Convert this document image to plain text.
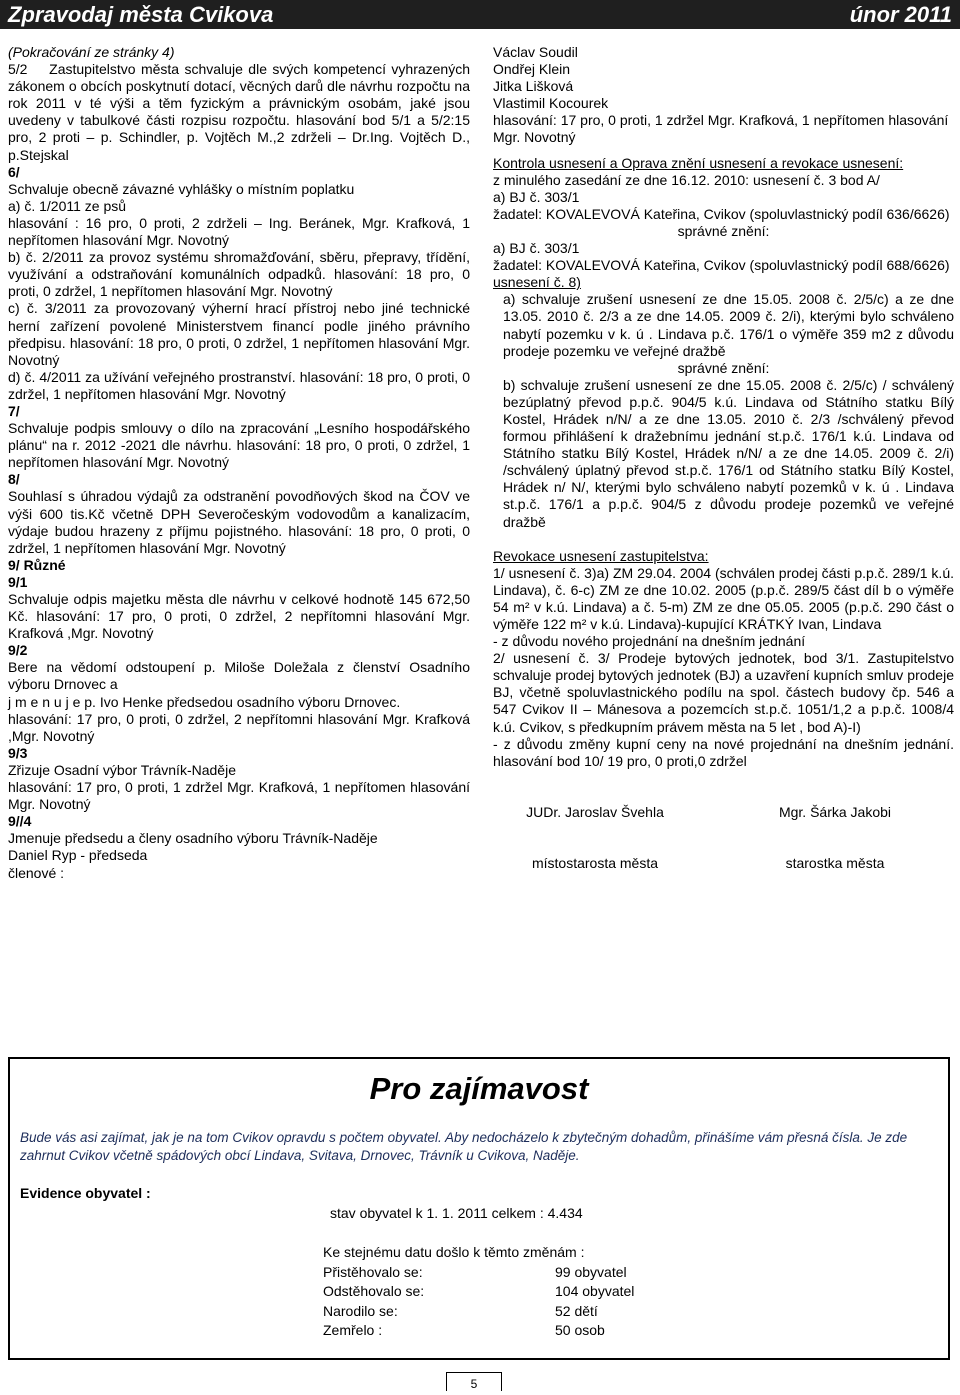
Zpravodaj města Cvikova	únor 2011
(Pokračování ze stránky 4)
5/2    Zastupitelstvo města schvaluje dle svých kompetencí vyhrazených zákonem o obcích poskytnutí dotací, věcných darů dle návrhu rozpočtu na rok 2011 v té výši a těm fyzickým a právnickým osobám, jaké jsou uvedeny v tabulkové části rozpisu rozpočtu. hlasování bod 5/1 a 5/2:15 pro, 2 proti – p. Schindler, p. Vojtěch M.,2 zdrželi – Dr.Ing. Vojtěch D., p.Stejskal
6/
Schvaluje obecně závazné vyhlášky o místním poplatku
a) č. 1/2011 ze psů
hlasování : 16 pro, 0 proti, 2 zdrželi – Ing. Beránek, Mgr. Krafková, 1 nepřítomen hlasování Mgr. Novotný
b) č. 2/2011 za provoz systému shromažďování, sběru, přepravy, třídění, využívání a odstraňování komunálních odpadků. hlasování: 18 pro, 0 proti, 0 zdržel, 1 nepřítomen hlasování Mgr. Novotný
c) č. 3/2011 za provozovaný výherní hrací přístroj nebo jiné technické herní zařízení povolené Ministerstvem financí podle jiného právního předpisu. hlasování: 18 pro, 0 proti, 0 zdržel, 1 nepřítomen hlasování Mgr. Novotný
d) č. 4/2011 za užívání veřejného prostranství. hlasování: 18 pro, 0 proti, 0 zdržel, 1 nepřítomen hlasování Mgr. Novotný
7/
Schvaluje podpis smlouvy o dílo na zpracování „Lesního hospodářského plánu“ na r. 2012 -2021 dle návrhu. hlasování: 18 pro, 0 proti, 0 zdržel, 1 nepřítomen hlasování Mgr. Novotný
8/
Souhlasí s úhradou výdajů za odstranění povodňových škod na ČOV ve výši 600 tis.Kč včetně DPH Severočeským vodovodům a kanalizacím, výdaje budou hrazeny z příjmu pojistného. hlasování: 18 pro, 0 proti, 0 zdržel, 1 nepřítomen hlasování Mgr. Novotný
9/ Různé
9/1
Schvaluje odpis majetku města dle návrhu v celkové hodnotě 145 672,50 Kč. hlasování: 17 pro, 0 proti, 0 zdržel, 2 nepřítomni hlasování Mgr. Krafková ,Mgr. Novotný
9/2
Bere na vědomí odstoupení p. Miloše Doležala z členství Osadního výboru Drnovec a
j m e n u j e p. Ivo Henke předsedou osadního výboru Drnovec.
hlasování: 17 pro, 0 proti, 0 zdržel, 2 nepřítomni hlasování Mgr. Krafková ,Mgr. Novotný
9/3
Zřizuje Osadní výbor Trávník-Naděje
hlasování: 17 pro, 0 proti, 1 zdržel Mgr. Krafková, 1 nepřítomen hlasování Mgr. Novotný
9//4
Jmenuje předsedu a členy osadního výboru Trávník-Naděje
Daniel Ryp - předseda
členové :
Václav Soudil
Ondřej Klein
Jitka Lišková
Vlastimil Kocourek
hlasování: 17 pro, 0 proti, 1 zdržel Mgr. Krafková, 1 nepřítomen hlasování Mgr. Novotný
Kontrola usnesení a Oprava znění usnesení a revokace usnesení:
z minulého zasedání ze dne 16.12. 2010: usnesení č. 3 bod A/
a) BJ č. 303/1
žadatel: KOVALEVOVÁ Kateřina, Cvikov (spoluvlastnický podíl 636/6626)
správné znění:
a) BJ č. 303/1
žadatel: KOVALEVOVÁ Kateřina, Cvikov (spoluvlastnický podíl 688/6626)
usnesení č. 8)
a) schvaluje zrušení usnesení ze dne 15.05. 2008 č. 2/5/c) a ze dne 13.05. 2010 č. 2/3 a ze dne 14.05. 2009 č. 2/i), kterými bylo schváleno nabytí pozemku v k. ú . Lindava p.č. 176/1 o výměře 359 m2 z důvodu prodeje pozemku ve veřejné dražbě
správné znění:
b) schvaluje zrušení usnesení ze dne 15.05. 2008 č. 2/5/c) / schválený bezúplatný převod p.p.č. 904/5 k.ú. Lindava od Státního statku Bílý Kostel, Hrádek n/N/ a ze dne 13.05. 2010 č. 2/3 /schválený převod formou přihlášení k dražebnímu jednání st.p.č. 176/1 k.ú. Lindava od Státního statku Bílý Kostel, Hrádek n/N/ a ze dne 14.05. 2009 č. 2/i) /schválený úplatný převod st.p.č. 176/1 od Státního statku Bílý Kostel, Hrádek n/ N/, kterými bylo schváleno nabytí pozemků v k. ú . Lindava st.p.č. 176/1 a p.p.č. 904/5 z důvodu prodeje pozemků ve veřejné dražbě
Revokace usnesení zastupitelstva:
1/ usnesení č. 3)a) ZM 29.04. 2004 (schválen prodej části p.p.č. 289/1 k.ú. Lindava), č. 6-c) ZM ze dne 10.02. 2005 (p.p.č. 289/5 část díl b o výměře 54 m² v k.ú. Lindava) a č. 5-m) ZM ze dne 05.05. 2005 (p.p.č. 290 část o výměře 122 m² v k.ú. Lindava)-kupující KRÁTKÝ Ivan, Lindava
- z důvodu nového projednání na dnešním jednání
2/ usnesení č. 3/ Prodeje bytových jednotek, bod 3/1. Zastupitelstvo schvaluje prodej bytových jednotek (BJ) a uzavření kupních smluv prodeje BJ, včetně spoluvlastnického podílu na spol. částech budovy čp. 546 a 547 Cvikov II – Mánesova a pozemcích st.p.č. 1051/1,2 a p.p.č. 1008/4 k.ú. Cvikov, s předkupním právem města na 5 let , bod A)-I)
- z důvodu změny kupní ceny na nové projednání na dnešním jednání. hlasování bod 10/ 19 pro, 0 proti,0 zdržel

JUDr. Jaroslav Švehla

místostarosta města

Mgr. Šárka Jakobi

starostka města

Pro zajímavost
Bude vás asi zajímat, jak je na tom Cvikov opravdu s počtem obyvatel. Aby nedocházelo k zbytečným dohadům, přinášíme vám přesná čísla. Je zde zahrnut Cvikov včetně spádových obcí Lindava, Svitava, Drnovec, Trávník u Cvikova, Naděje.
Evidence obyvatel :
stav obyvatel k 1. 1. 2011 celkem : 4.434
Ke stejnému datu došlo k těmto změnám :
Přistěhovalo se:	99 obyvatel
Odstěhovalo se:	104 obyvatel
Narodilo se:	52 dětí
Zemřelo :	50 osob
5
